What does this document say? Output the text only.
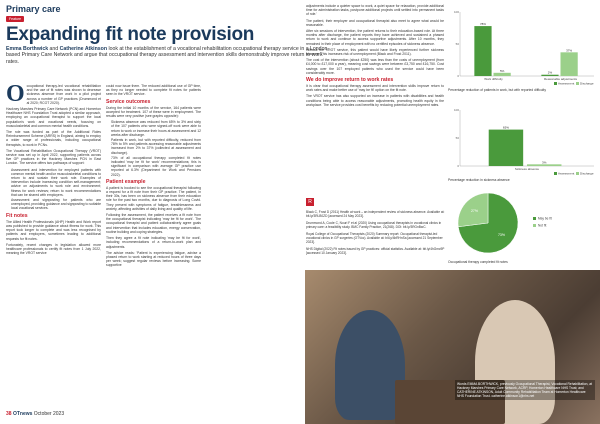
Primary care
Feature
Expanding fit note provision
Emma Borthwick and Catherine Atkinson look at the establishment of a vocational rehabilitation occupational therapy service in a London-based Primary Care Network and argue that occupational therapy assessment and intervention skills demonstrably improve return to work rates.
O ccupational therapy-led vocational rehabilitation and the use of fit notes was shown to decrease sickness absence from work in a pilot project across a number of GP practices (Drummond et al 2020; RCOT 2020).

Hackney Marshes Primary Care Network (PCN) and Homerton Healthcare NHS Foundation Trust adopted a similar approach, employing an occupational therapist to support the local population's work and vocational needs, focusing on musculoskeletal and common mental health conditions.

The role was funded as part of the Additional Roles Reimbursement Scheme (ARRS) in England, aiming to employ a wider range of professionals, including occupational therapists, to work in PCNs.

The Vocational Rehabilitation Occupational Therapy (VROT) service was set up in April 2022, supporting patients across five GP practices in the Hackney Marshes PCN in East London. The service offers two pathways of support:

• Assessment and intervention for employed patients with common mental health and/or musculoskeletal conditions to return to and sustain their work role. Examples of intervention include increasing condition self-management; advice on adjustments to work role and environment; fitness for work reviews; return to work recommendations that can be shared with employers.
• Assessment and signposting for patients who are unemployed, providing guidance and signposting to suitable local vocational services.
Fit notes

The Allied Health Professionals (AHP) Health and Work report was published to provide guidance about fitness for work. This report took longer to complete and was less recognised by patients and employers, sometimes leading to additional requests for fit notes.

Fortunately, recent changes in legislation allowed more healthcare professionals to certify fit notes from 1 July 2022, meaning the VROT service

could now issue them. The reduced additional use of GP time, as they no longer needed to complete fit notes for patients seen in the VROT service.

Service outcomes

During the initial 10 months of the service, 164 patients were accepted for treatment. 107 of these were in employment. The results were very positive (see graphs opposite):

• Sickness absence was reduced from 65% to 3% and sixty of the 107 patients who were signed-off work were able to return to work or increase their hours at assessment and 12 weeks after discharge.
• Patients in work, but with reported difficulty, reduced from 78% to 5% and patients accessing reasonable adjustments increased from 2% to 37% (collected at assessment and discharge).
• 73% of all occupational therapy completed fit notes indicated 'may be fit for work' recommendations; this is significant in comparison with average GP practice use reported at 6.3% (Department for Work and Pensions 2022).
Patient example

A patient is booked to see the occupational therapist following a request for a fit note from their GP practice. The patient, in their 30s, has been on sickness absence from their education role for the past two months, due to diagnosis of Long Covid. They present with symptoms of fatigue, breathlessness and anxiety, affecting activities of daily living and quality of life.

Following the assessment, the patient receives a fit note from the occupational therapist indicating 'may be fit for work'. The occupational therapist and patient collaboratively agree goals and intervention that includes education, energy conservation, routine building and coping strategies.

Then they agree a fit note indicating 'may be fit for work', including recommendations of a return-to-work plan and adjustments.

The advice reads: 'Patient is experiencing fatigue, advise a phased return to work starting at reduced hours of three days per week; suggest regular reviews before increasing. Some supportive

adjustments include a quieter space to work, a quiet space for relaxation, provide additional time for administration tasks, postpone additional projects until settled into permanent tasks of role.'

The patient, their employer and occupational therapist also meet to agree what would be reasonable.

After six sessions of intervention, the patient returns to their education-based role. At three months after discharge, the patient reports they have achieved and sustained a phased return to work and continue to access supportive adjustments. After 10 months, they remained in their place of employment with no certified episodes of sickness absence.

Without the VROT service, this patient would have likely experienced further sickness absence. This increases risk of unemployment (Black and Frost 2011).

The cost of the intervention (about £250) was less than the costs of unemployment (from £4,000 to £17,000 a year), meaning cost savings were between £3,750 and £16,750. Cost savings over the 107 employed patients who used the service could have been considerably more.

We do improve return to work rates

It is clear that occupational therapy assessment and intervention skills improve return to work rates and make better use of 'may be fit' option on the fit note.

The VROT service has also supported an increase in patients with disabilities and health conditions being able to access reasonable adjustments, promoting health equity in the workplace. The service provides cost benefits by reducing potential unemployment rates.

R

Black C, Frost D (2011) Health at work – an independent review of sickness absence. Available at: bit.ly/3RLB0ZD [accessed 24 May 2023].

Drummond A, Coole C, Nouri F et al (2020) Using occupational therapists in vocational clinics in primary care: a feasibility study. BMC Family Practice, 21(268). DOI: bit.ly/3RGnBwC.

Royal College of Occupational Therapists (2020) Summary report: Occupational therapist-led vocational clinics in GP surgeries (OTVoc). Available at: bit.ly/4bRHnSa [accessed 21 September 2023].

NHS Digital (2022) Fit notes issued by GP practices: official statistics. Available at: bit.ly/4hGmc9P [accessed 10 January 2023].

0
50
100
78%
5%
Work difficulty
2%
37%
Reasonable adjustments
Assessment Discharge
Percentage reduction of patients in work, but with reported difficulty
0
50
100
65%
3%
Sickness absence
Assessment Discharge
Percentage reduction in sickness absence
73%
May be fit
27%
Not fit
Occupational therapy completed fit notes
Words EMMA BORTHWICK, previously Occupational Therapist, Vocational Rehabilitation, at Hackney Marshes Primary Care Network, ACRP, Homerton Healthcare NHS Trust; and CATHERINE ATKINSON, Adult Community Rehabilitation Team at Homerton Healthcare NHS Foundation Trust. catherine.atkinson1@nhs.net
38 OTnews October 2023
